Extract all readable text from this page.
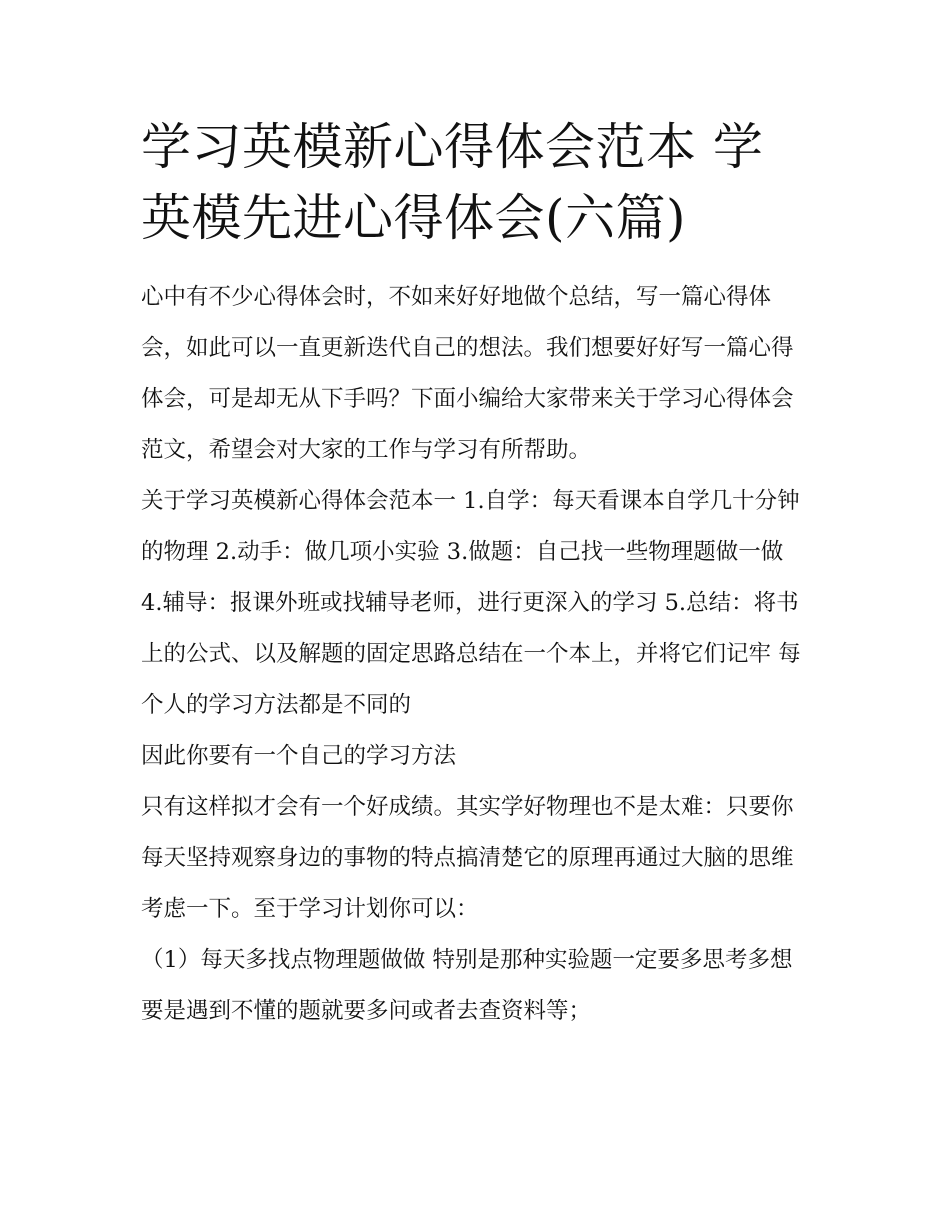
学习英模新心得体会范本 学英模先进心得体会(六篇)

心中有不少心得体会时，不如来好好地做个总结，写一篇心得体会，如此可以一直更新迭代自己的想法。我们想要好好写一篇心得体会，可是却无从下手吗？下面小编给大家带来关于学习心得体会范文，希望会对大家的工作与学习有所帮助。

关于学习英模新心得体会范本一 1.自学：每天看课本自学几十分钟的物理 2.动手：做几项小实验 3.做题：自己找一些物理题做一做

4.辅导：报课外班或找辅导老师，进行更深入的学习 5.总结：将书上的公式、以及解题的固定思路总结在一个本上，并将它们记牢 每个人的学习方法都是不同的

因此你要有一个自己的学习方法

只有这样拟才会有一个好成绩。其实学好物理也不是太难：只要你每天坚持观察身边的事物的特点搞清楚它的原理再通过大脑的思维考虑一下。至于学习计划你可以：

（1）每天多找点物理题做做 特别是那种实验题一定要多思考多想 要是遇到不懂的题就要多问或者去查资料等；
